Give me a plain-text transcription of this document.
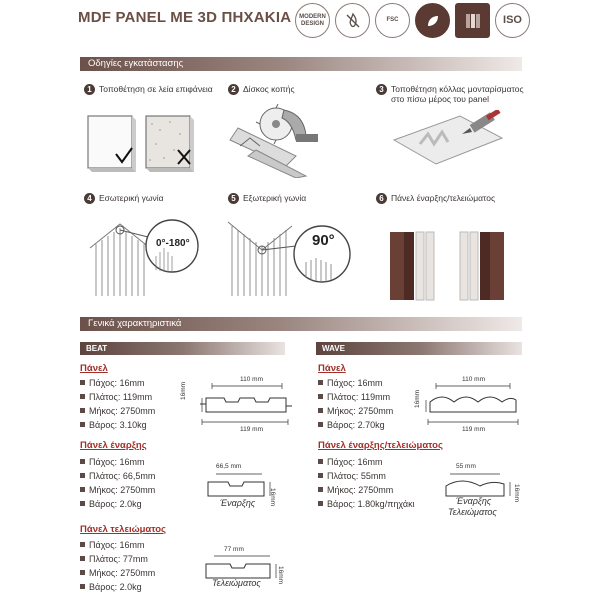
MDF PANEL ME 3D ΠΗΧΑΚΙΑ	MODERN DESIGN
FSC	ISO
Οδηγίες εγκατάστασης
1 Τοποθέτηση σε λεία επιφάνεια	2 Δίσκος κοπής	3 Τοποθέτηση κόλλας μονταρίσματος στο πίσω μέρος του panel
4 Εσωτερική γωνία
0°-180°
5 Εξωτερική γωνία
90°
6 Πάνελ έναρξης/τελειώματος
Γενικά χαρακτηριστικά
BEAT
Πάνελ
Πάχος: 16mm
Πλάτος: 119mm
Μήκος: 2750mm
Βάρος: 3.10kg
110 mm
16mm
119 mm
Πάνελ έναρξης
Πάχος: 16mm
Πλάτος: 66,5mm
Μήκος: 2750mm
Βάρος: 2.0kg
66,5 mm
16mm
Έναρξης
Πάνελ τελειώματος
Πάχος: 16mm
Πλάτος: 77mm
Μήκος: 2750mm
Βάρος: 2.0kg
77 mm
16mm
Τελειώματος
WAVE
Πάνελ
Πάχος: 16mm
Πλάτος: 119mm
Μήκος: 2750mm
Βάρος: 2.70kg
110 mm
16mm
119 mm
Πάνελ έναρξης/τελειώματος
Πάχος: 16mm
Πλάτος: 55mm
Μήκος: 2750mm
Βάρος: 1.80kg/πηχάκι
55 mm
16mm
Έναρξης
Τελειώματος
